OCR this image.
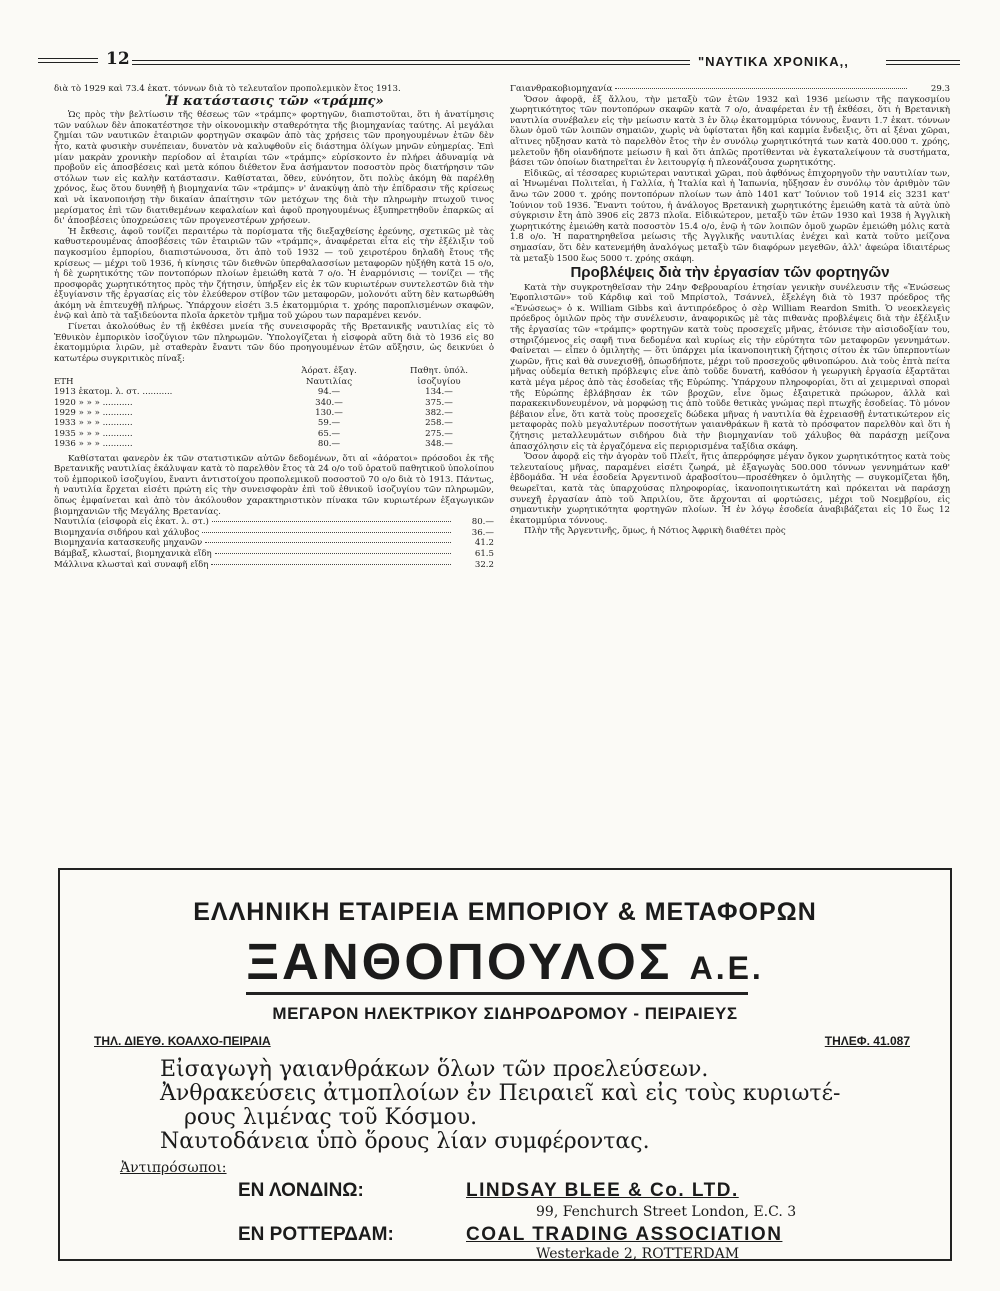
12	"ΝΑΥΤΙΚΑ ΧΡΟΝΙΚΑ,,

διὰ τὸ 1929 καὶ 73.4 ἑκατ. τόννων διὰ τὸ τελευταῖον προπολεμικὸν ἔτος 1913.

Ἡ κατάστασις τῶν «τράμπς»

Ὡς πρὸς τὴν βελτίωσιν τῆς θέσεως τῶν «τράμπς» φορτηγῶν, διαπιστοῦται, ὅτι ἡ ἀνατίμησις τῶν ναύλων δὲν ἀποκατέστησε τὴν οἰκονομικὴν σταθερότητα τῆς βιομηχανίας ταύτης. Αἱ μεγάλαι ζημίαι τῶν ναυτικῶν ἑταιριῶν φορτηγῶν σκαφῶν ἀπὸ τὰς χρήσεις τῶν προηγουμένων ἐτῶν δὲν ἦτο, κατὰ φυσικὴν συνέπειαν, δυνατὸν νὰ καλυφθοῦν εἰς διάστημα ὀλίγων μηνῶν εὐημερίας. Ἐπὶ μίαν μακρὰν χρονικὴν περίοδον αἱ ἑταιρίαι τῶν «τράμπς» εὑρίσκοντο ἐν πλήρει ἀδυναμίᾳ νὰ προβοῦν εἰς ἀποσβέσεις καὶ μετὰ κόπου διέθετον ἕνα ἀσήμαντον ποσοστὸν πρὸς διατήρησιν τῶν στόλων των εἰς καλὴν κατάστασιν. Καθίσταται, ὅθεν, εὐνόητον, ὅτι πολὺς ἀκόμη θὰ παρέλθῃ χρόνος, ἕως ὅτου δυνηθῇ ἡ βιομηχανία τῶν «τράμπς» ν' ἀνακύψῃ ἀπὸ τὴν ἐπίδρασιν τῆς κρίσεως καὶ νὰ ἱκανοποιήσῃ τὴν δικαίαν ἀπαίτησιν τῶν μετόχων της διὰ τὴν πληρωμὴν πτωχοῦ τινος μερίσματος ἐπὶ τῶν διατιθεμένων κεφαλαίων καὶ ἀφοῦ προηγουμένως ἐξυπηρετηθοῦν ἐπαρκῶς αἱ δι' ἀποσβέσεις ὑποχρεώσεις τῶν προγενεστέρων χρήσεων.

Ἡ ἔκθεσις, ἀφοῦ τονίζει περαιτέρω τὰ πορίσματα τῆς διεξαχθείσης ἐρεύνης, σχετικῶς μὲ τὰς καθυστερουμένας ἀποσβέσεις τῶν ἑταιριῶν τῶν «τράμπς», ἀναφέρεται εἶτα εἰς τὴν ἐξέλιξιν τοῦ παγκοσμίου ἐμπορίου, διαπιστώνουσα, ὅτι ἀπὸ τοῦ 1932 — τοῦ χειροτέρου δηλαδὴ ἔτους τῆς κρίσεως — μέχρι τοῦ 1936, ἡ κίνησις τῶν διεθνῶν ὑπερθαλασσίων μεταφορῶν ηὐξήθη κατὰ 15 ο/ο, ἡ δὲ χωρητικότης τῶν ποντοπόρων πλοίων ἐμειώθη κατὰ 7 ο/ο. Ἡ ἐναρμόνισις — τονίζει — τῆς προσφορᾶς χωρητικότητος πρὸς τὴν ζήτησιν, ὑπήρξεν εἰς ἐκ τῶν κυριωτέρων συντελεστῶν διὰ τὴν ἐξυγίανσιν τῆς ἐργασίας εἰς τὸν ἐλεύθερον στίβον τῶν μεταφορῶν, μολονότι αὕτη δὲν κατωρθώθη ἀκόμη νὰ ἐπιτευχθῇ πλήρως. Ὑπάρχουν εἰσέτι 3.5 ἑκατομμύρια τ. χρόης παροπλισμένων σκαφῶν, ἐνῷ καὶ ἀπὸ τὰ ταξιδεύοντα πλοῖα ἀρκετὸν τμῆμα τοῦ χώρου των παραμένει κενόν.

Γίνεται ἀκολούθως ἐν τῇ ἐκθέσει μνεία τῆς συνεισφορᾶς τῆς Βρετανικῆς ναυτιλίας εἰς τὸ Ἐθνικὸν ἐμπορικὸν ἰσοζύγιον τῶν πληρωμῶν. Ὑπολογίζεται ἡ εἰσφορὰ αὕτη διὰ τὸ 1936 εἰς 80 ἑκατομμύρια λιρῶν, μὲ σταθερὰν ἔναντι τῶν δύο προηγουμένων ἐτῶν αὔξησιν, ὡς δεικνύει ὁ κατωτέρω συγκριτικὸς πίναξ:

	Ἀόρατ. ἐξαγ.	Παθητ. ὑπόλ.
ΕΤΗ	Ναυτιλίας	ἰσοζυγίου
1913 ἑκατομ. λ. στ. ...........	94.—	134.—
1920 » » » ...........	340.—	375.—
1929 » » » ...........	130.—	382.—
1933 » » » ...........	59.—	258.—
1935 » » » ...........	65.—	275.—
1936 » » » ...........	80.—	348.—

Καθίσταται φανερὸν ἐκ τῶν στατιστικῶν αὐτῶν δεδομένων, ὅτι αἱ «ἀόρατοι» πρόσοδοι ἐκ τῆς Βρετανικῆς ναυτιλίας ἐκάλυψαν κατὰ τὸ παρελθὸν ἔτος τὰ 24 ο/ο τοῦ ὁρατοῦ παθητικοῦ ὑπολοίπου τοῦ ἐμπορικοῦ ἰσοζυγίου, ἔναντι ἀντιστοίχου προπολεμικοῦ ποσοστοῦ 70 ο/ο διὰ τὸ 1913. Πάντως, ἡ ναυτιλία ἔρχεται εἰσέτι πρώτη εἰς τὴν συνεισφορὰν ἐπὶ τοῦ ἐθνικοῦ ἰσοζυγίου τῶν πληρωμῶν, ὅπως ἐμφαίνεται καὶ ἀπὸ τὸν ἀκόλουθον χαρακτηριστικὸν πίνακα τῶν κυριωτέρων ἐξαγωγικῶν βιομηχανιῶν τῆς Μεγάλης Βρετανίας.

Ναυτιλία (εἰσφορὰ εἰς ἑκατ. λ. στ.)	80.—
Βιομηχανία σιδήρου καὶ χάλυβος	36.—
Βιομηχανία κατασκευῆς μηχανῶν	41.2
Βάμβαξ, κλωσταί, βιομηχανικὰ εἴδη	61.5
Μάλλινα κλωσταὶ καὶ συναφῆ εἴδη	32.2
Γαιανθρακοβιομηχανία	29.3

Ὅσον ἀφορᾷ, ἐξ ἄλλου, τὴν μεταξὺ τῶν ἐτῶν 1932 καὶ 1936 μείωσιν τῆς παγκοσμίου χωρητικότητος τῶν ποντοπόρων σκαφῶν κατὰ 7 ο/ο, ἀναφέρεται ἐν τῇ ἐκθέσει, ὅτι ἡ Βρετανικὴ ναυτιλία συνέβαλεν εἰς τὴν μείωσιν κατὰ 3 ἐν ὅλῳ ἑκατομμύρια τόννους, ἔναντι 1.7 ἑκατ. τόννων ὅλων ὁμοῦ τῶν λοιπῶν σημαιῶν, χωρὶς νὰ ὑφίσταται ἤδη καὶ καμμία ἔνδειξις, ὅτι αἱ ξέναι χῶραι, αἵτινες ηὔξησαν κατὰ τὸ παρελθὸν ἔτος τὴν ἐν συνόλῳ χωρητικότητά των κατὰ 400.000 τ. χρόης, μελετοῦν ἤδη οἱανδήποτε μείωσιν ἢ καὶ ὅτι ἁπλῶς προτίθενται νὰ ἐγκαταλείψουν τὰ συστήματα, βάσει τῶν ὁποίων διατηρεῖται ἐν λειτουργίᾳ ἡ πλεονάζουσα χωρητικότης.

Εἰδικῶς, αἱ τέσσαρες κυριώτεραι ναυτικαὶ χῶραι, ποὺ ἀφθόνως ἐπιχορηγοῦν τὴν ναυτιλίαν των, αἱ Ἡνωμέναι Πολιτεῖαι, ἡ Γαλλία, ἡ Ἰταλία καὶ ἡ Ἰαπωνία, ηὔξησαν ἐν συνόλῳ τὸν ἀριθμὸν τῶν ἄνω τῶν 2000 τ. χρόης ποντοπόρων πλοίων των ἀπὸ 1401 κατ' Ἰούνιον τοῦ 1914 εἰς 3231 κατ' Ἰούνιον τοῦ 1936. Ἔναντι τούτου, ἡ ἀνάλογος Βρετανικὴ χωρητικότης ἐμειώθη κατὰ τὰ αὐτὰ ὑπὸ σύγκρισιν ἔτη ἀπὸ 3906 εἰς 2873 πλοῖα. Εἰδικώτερον, μεταξὺ τῶν ἐτῶν 1930 καὶ 1938 ἡ Ἀγγλικὴ χωρητικότης ἐμειώθη κατὰ ποσοστὸν 15.4 ο/ο, ἐνῷ ἡ τῶν λοιπῶν ὁμοῦ χωρῶν ἐμειώθη μόλις κατὰ 1.8 ο/ο. Ἡ παρατηρηθεῖσα μείωσις τῆς Ἀγγλικῆς ναυτιλίας ἐνέχει καὶ κατὰ τοῦτο μείζονα σημασίαν, ὅτι δὲν κατενεμήθη ἀναλόγως μεταξὺ τῶν διαφόρων μεγεθῶν, ἀλλ' ἀφεώρα ἰδιαιτέρως τὰ μεταξὺ 1500 ἕως 5000 τ. χρόης σκάφη.

Προβλέψεις διὰ τὴν ἐργασίαν τῶν φορτηγῶν

Κατὰ τὴν συγκροτηθεῖσαν τὴν 24ην Φεβρουαρίου ἐτησίαν γενικὴν συνέλευσιν τῆς «Ἑνώσεως Ἐφοπλιστῶν» τοῦ Κάρδιφ καὶ τοῦ Μπρίστολ, Τσάννελ, ἐξελέγη διὰ τὸ 1937 πρόεδρος τῆς «Ἑνώσεως» ὁ κ. William Gibbs καὶ ἀντιπρόεδρος ὁ σὲρ William Reardon Smith. Ὁ νεοεκλεγεὶς πρόεδρος ὁμιλῶν πρὸς τὴν συνέλευσιν, ἀναφορικῶς μὲ τὰς πιθανὰς προβλέψεις διὰ τὴν ἐξέλιξιν τῆς ἐργασίας τῶν «τράμπς» φορτηγῶν κατὰ τοὺς προσεχεῖς μῆνας, ἐτόνισε τὴν αἰσιοδοξίαν του, στηριζόμενος εἰς σαφῆ τινα δεδομένα καὶ κυρίως εἰς τὴν εὐρύτητα τῶν μεταφορῶν γεννημάτων. Φαίνεται — εἶπεν ὁ ὁμιλητὴς — ὅτι ὑπάρχει μία ἱκανοποιητικὴ ζήτησις σίτου ἐκ τῶν ὑπερποντίων χωρῶν, ἥτις καὶ θὰ συνεχισθῇ, ὁπωσδήποτε, μέχρι τοῦ προσεχοῦς φθινοπώρου. Διὰ τοὺς ἑπτὰ πείτα μῆνας οὐδεμία θετικὴ πρόβλεψις εἶνε ἀπὸ τοῦδε δυνατή, καθόσον ἡ γεωργικὴ ἐργασία ἐξαρτᾶται κατὰ μέγα μέρος ἀπὸ τὰς ἐσοδείας τῆς Εὐρώπης. Ὑπάρχουν πληροφορίαι, ὅτι αἱ χειμεριναὶ σποραὶ τῆς Εὐρώπης ἐβλάβησαν ἐκ τῶν βροχῶν, εἶνε ὅμως ἐξαιρετικὰ πρώωρον, ἀλλὰ καὶ παρακεκινδυνευμένον, νὰ μορφώσῃ τις ἀπὸ τοῦδε θετικὰς γνώμας περὶ πτωχῆς ἐσοδείας. Τὸ μόνον βέβαιον εἶνε, ὅτι κατὰ τοὺς προσεχεῖς δώδεκα μῆνας ἡ ναυτιλία θὰ ἐχρειασθῇ ἐντατικώτερον εἰς μεταφορὰς πολὺ μεγαλυτέρων ποσοτήτων γαιανθράκων ἢ κατὰ τὸ πρόσφατον παρελθὸν καὶ ὅτι ἡ ζήτησις μεταλλευμάτων σιδήρου διὰ τὴν βιομηχανίαν τοῦ χάλυβος θὰ παράσχῃ μείζονα ἀπασχόλησιν εἰς τὰ ἐργαζόμενα εἰς περιορισμένα ταξίδια σκάφη.

Ὅσον ἀφορᾷ εἰς τὴν ἀγορὰν τοῦ Πλεΐτ, ἥτις ἀπερρόφησε μέγαν ὄγκον χωρητικότητος κατὰ τοὺς τελευταίους μῆνας, παραμένει εἰσέτι ζωηρά, μὲ ἐξαγωγὰς 500.000 τόννων γεννημάτων καθ' ἑβδομάδα. Ἡ νέα ἐσοδεία Ἀργεντινοῦ ἀραβοσίτου—προσέθηκεν ὁ ὁμιλητὴς — συγκομίζεται ἤδη, θεωρεῖται, κατὰ τὰς ὑπαρχούσας πληροφορίας, ἱκανοποιητικωτάτη καὶ πρόκειται νὰ παράσχῃ συνεχῆ ἐργασίαν ἀπὸ τοῦ Ἀπριλίου, ὅτε ἄρχονται αἱ φορτώσεις, μέχρι τοῦ Νοεμβρίου, εἰς σημαντικὴν χωρητικότητα φορτηγῶν πλοίων. Ἡ ἐν λόγῳ ἐσοδεία ἀναβιβάζεται εἰς 10 ἕως 12 ἑκατομμύρια τόννους.

Πλὴν τῆς Ἀργεντινῆς, ὅμως, ἡ Νότιος Ἀφρικὴ διαθέτει πρὸς

ΕΛΛΗΝΙΚΗ ΕΤΑΙΡΕΙΑ ΕΜΠΟΡΙΟΥ & ΜΕΤΑΦΟΡΩΝ
ΞΑΝΘΟΠΟΥΛΟΣ Α.Ε.
ΜΕΓΑΡΟΝ ΗΛΕΚΤΡΙΚΟΥ ΣΙΔΗΡΟΔΡΟΜΟΥ - ΠΕΙΡΑΙΕΥΣ
ΤΗΛ. ΔΙΕΥΘ. ΚΟΑΛΧΟ-ΠΕΙΡΑΙΑ	ΤΗΛΕΦ. 41.087
Εἰσαγωγὴ γαιανθράκων ὅλων τῶν προελεύσεων.
Ἀνθρακεύσεις ἀτμοπλοίων ἐν Πειραιεῖ καὶ εἰς τοὺς κυριωτέ-
ρους λιμένας τοῦ Κόσμου.
Ναυτοδάνεια ὑπὸ ὅρους λίαν συμφέροντας.
Ἀντιπρόσωποι:
ΕΝ ΛΟΝΔΙΝΩ:	LINDSAY BLEE & Co. LTD.
99, Fenchurch Street London, E.C. 3
ΕΝ ΡΟΤΤΕΡΔΑΜ:	COAL TRADING ASSOCIATION
Westerkade 2, ROTTERDAM
